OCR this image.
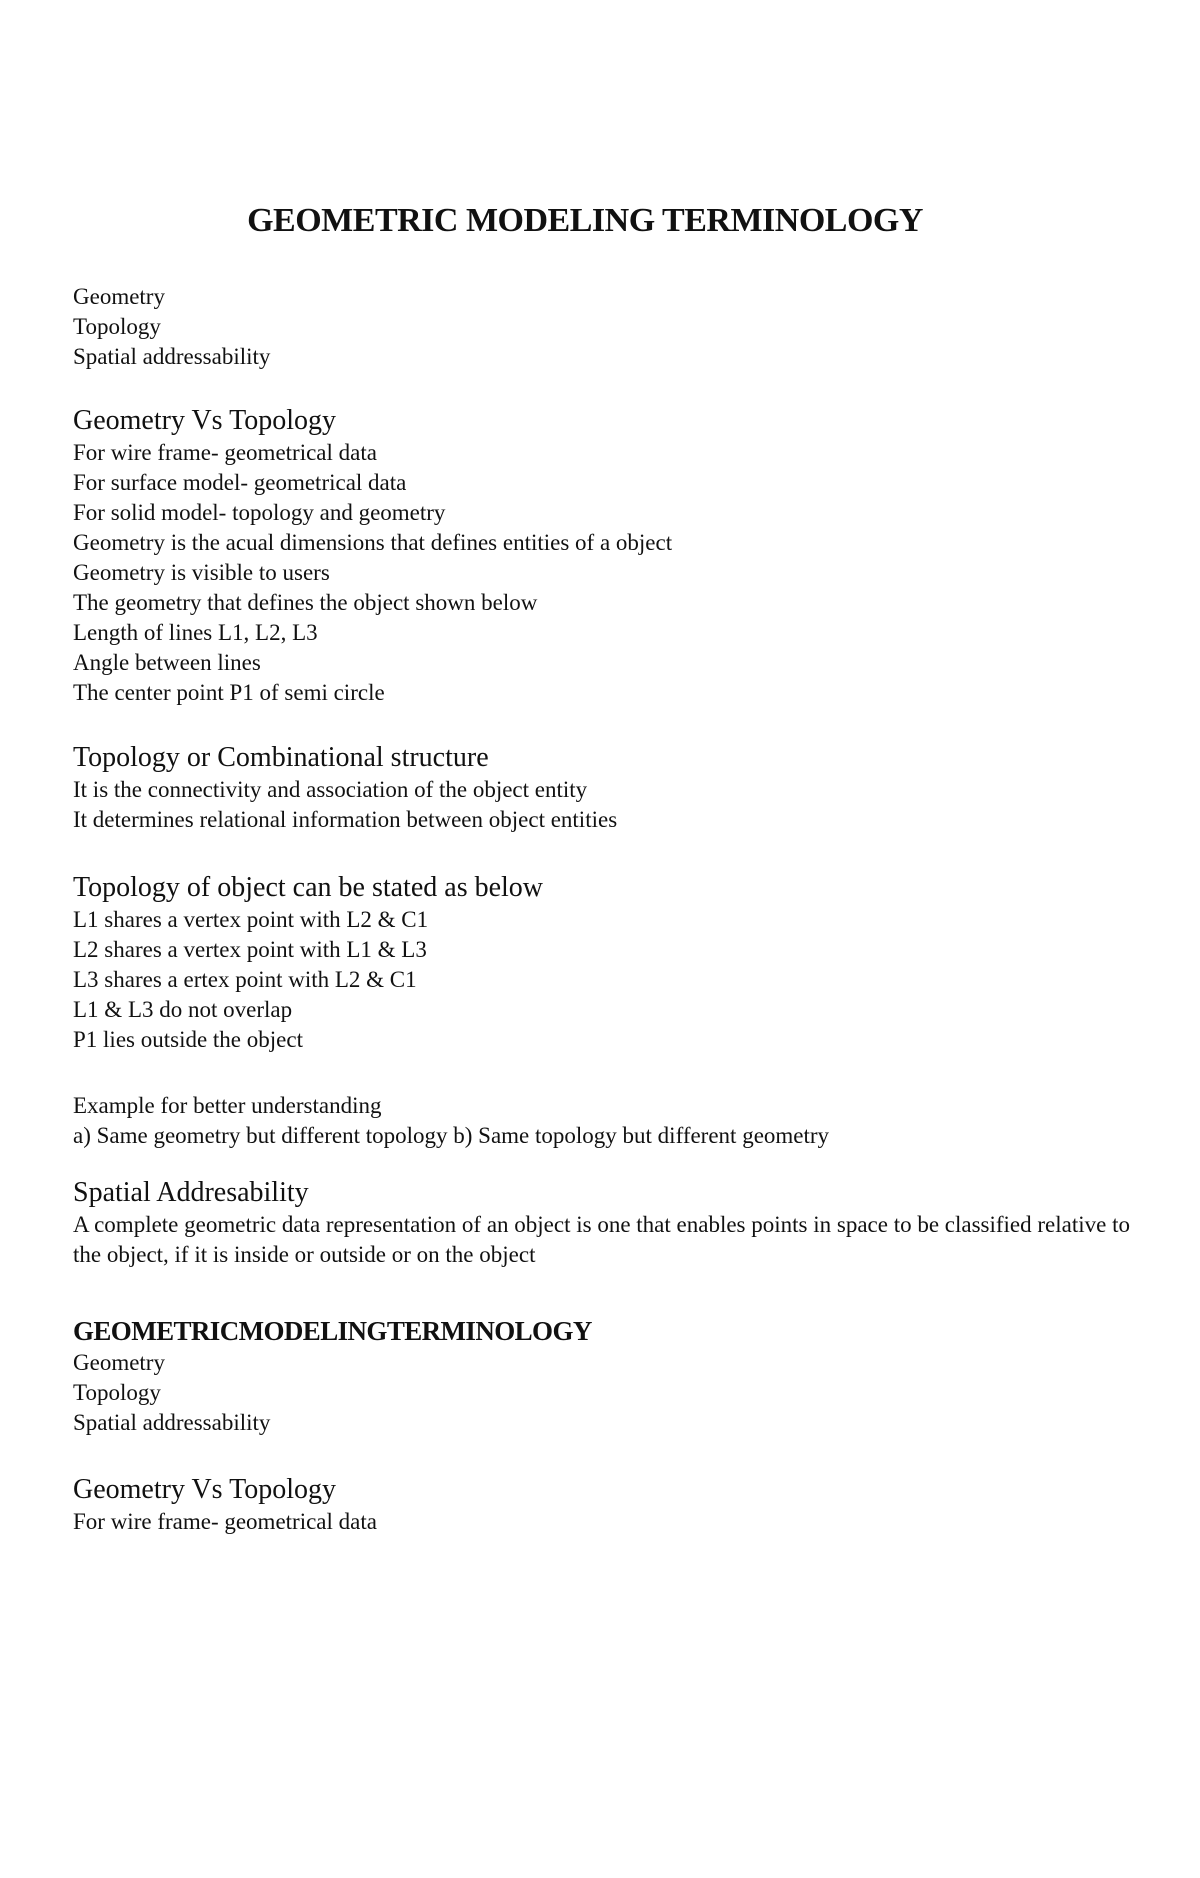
GEOMETRIC MODELING TERMINOLOGY
Geometry
Topology
Spatial addressability
Geometry Vs Topology
For wire frame- geometrical data
For surface model- geometrical data
For solid model- topology and geometry
Geometry is the acual dimensions that defines entities of a object
Geometry is visible to users
The geometry that defines the object shown below
Length of lines L1, L2, L3
Angle between lines
The center point P1 of semi circle
Topology or Combinational structure
It is the connectivity and association of the object entity
It determines relational information between object entities
Topology of object can be stated as below
L1 shares a vertex point with L2 & C1
L2 shares a vertex point with L1 & L3
L3 shares a ertex point with L2 & C1
L1 & L3 do not overlap
P1 lies outside the object
Example for better understanding
a) Same geometry but different topology b) Same topology but different geometry
Spatial Addresability
A complete geometric data representation of an object is one that enables points in space to be classified relative to the object, if it is inside or outside or on the object
GEOMETRICMODELINGTERMINOLOGY
Geometry
Topology
Spatial addressability
Geometry Vs Topology
For wire frame- geometrical data
